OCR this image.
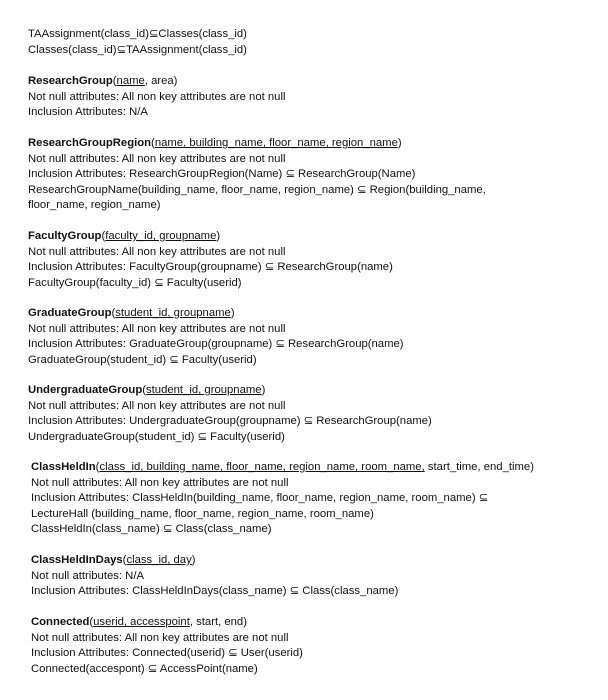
TAAssignment(class_id)⊆Classes(class_id)
Classes(class_id)⊆TAAssignment(class_id)
ResearchGroup(name, area)
Not null attributes: All non key attributes are not null
Inclusion Attributes: N/A
ResearchGroupRegion(name, building_name, floor_name, region_name)
Not null attributes: All non key attributes are not null
Inclusion Attributes: ResearchGroupRegion(Name) ⊆ ResearchGroup(Name)
ResearchGroupName(building_name, floor_name, region_name) ⊆ Region(building_name,
floor_name, region_name)
FacultyGroup(faculty_id, groupname)
Not null attributes: All non key attributes are not null
Inclusion Attributes: FacultyGroup(groupname) ⊆ ResearchGroup(name)
FacultyGroup(faculty_id) ⊆ Faculty(userid)
GraduateGroup(student_id, groupname)
Not null attributes: All non key attributes are not null
Inclusion Attributes: GraduateGroup(groupname) ⊆ ResearchGroup(name)
GraduateGroup(student_id) ⊆ Faculty(userid)
UndergraduateGroup(student_id, groupname)
Not null attributes: All non key attributes are not null
Inclusion Attributes: UndergraduateGroup(groupname) ⊆ ResearchGroup(name)
UndergraduateGroup(student_id) ⊆ Faculty(userid)
ClassHeldIn(class_id, building_name, floor_name, region_name, room_name, start_time, end_time)
Not null attributes: All non key attributes are not null
Inclusion Attributes: ClassHeldIn(building_name, floor_name, region_name, room_name) ⊆
LectureHall (building_name, floor_name, region_name, room_name)
ClassHeldIn(class_name) ⊆ Class(class_name)
ClassHeldInDays(class_id, day)
Not null attributes: N/A
Inclusion Attributes: ClassHeldInDays(class_name) ⊆ Class(class_name)
Connected(userid, accesspoint, start, end)
Not null attributes: All non key attributes are not null
Inclusion Attributes: Connected(userid) ⊆ User(userid)
Connected(accespont) ⊆ AccessPoint(name)
